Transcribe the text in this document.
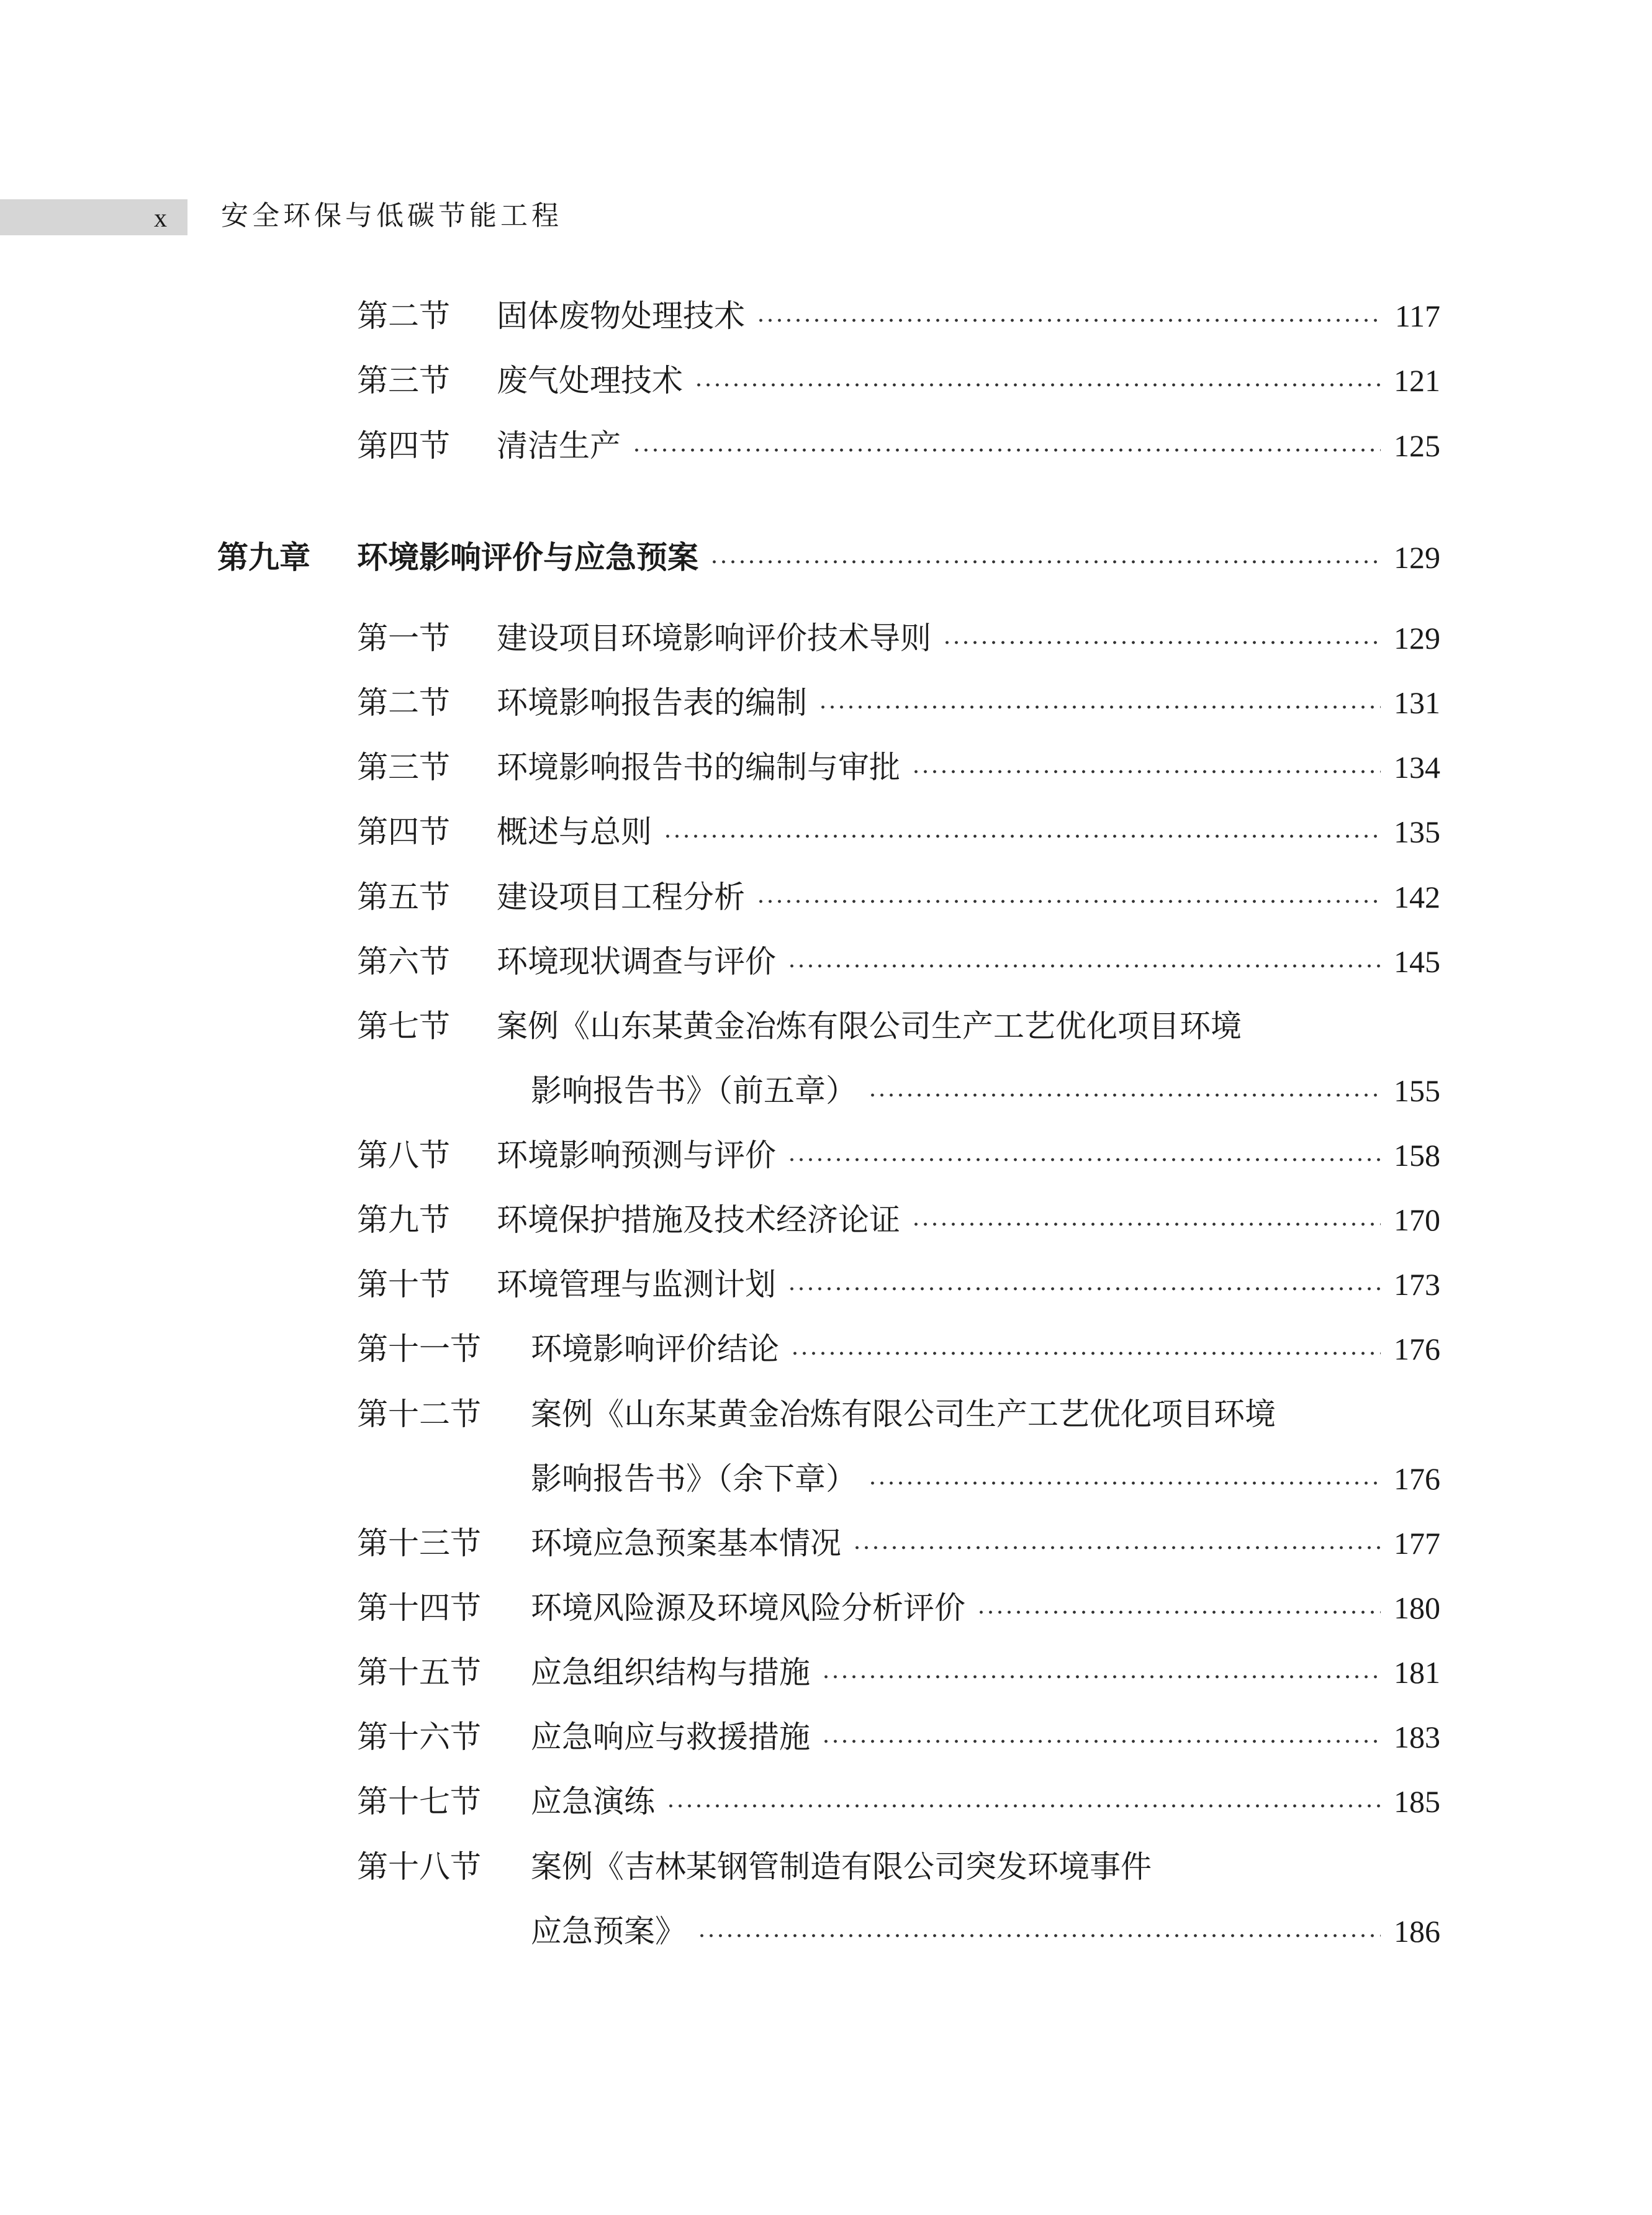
x 安全环保与低碳节能工程
第二节	固体废物处理技术	117
第三节	废气处理技术	121
第四节	清洁生产	125
第九章	环境影响评价与应急预案	129
第一节	建设项目环境影响评价技术导则	129
第二节	环境影响报告表的编制	131
第三节	环境影响报告书的编制与审批	134
第四节	概述与总则	135
第五节	建设项目工程分析	142
第六节	环境现状调查与评价	145
第七节	案例《山东某黄金冶炼有限公司生产工艺优化项目环境
影响报告书》（前五章）	155
第八节	环境影响预测与评价	158
第九节	环境保护措施及技术经济论证	170
第十节	环境管理与监测计划	173
第十一节	环境影响评价结论	176
第十二节	案例《山东某黄金冶炼有限公司生产工艺优化项目环境
影响报告书》（余下章）	176
第十三节	环境应急预案基本情况	177
第十四节	环境风险源及环境风险分析评价	180
第十五节	应急组织结构与措施	181
第十六节	应急响应与救援措施	183
第十七节	应急演练	185
第十八节	案例《吉林某钢管制造有限公司突发环境事件
应急预案》	186
